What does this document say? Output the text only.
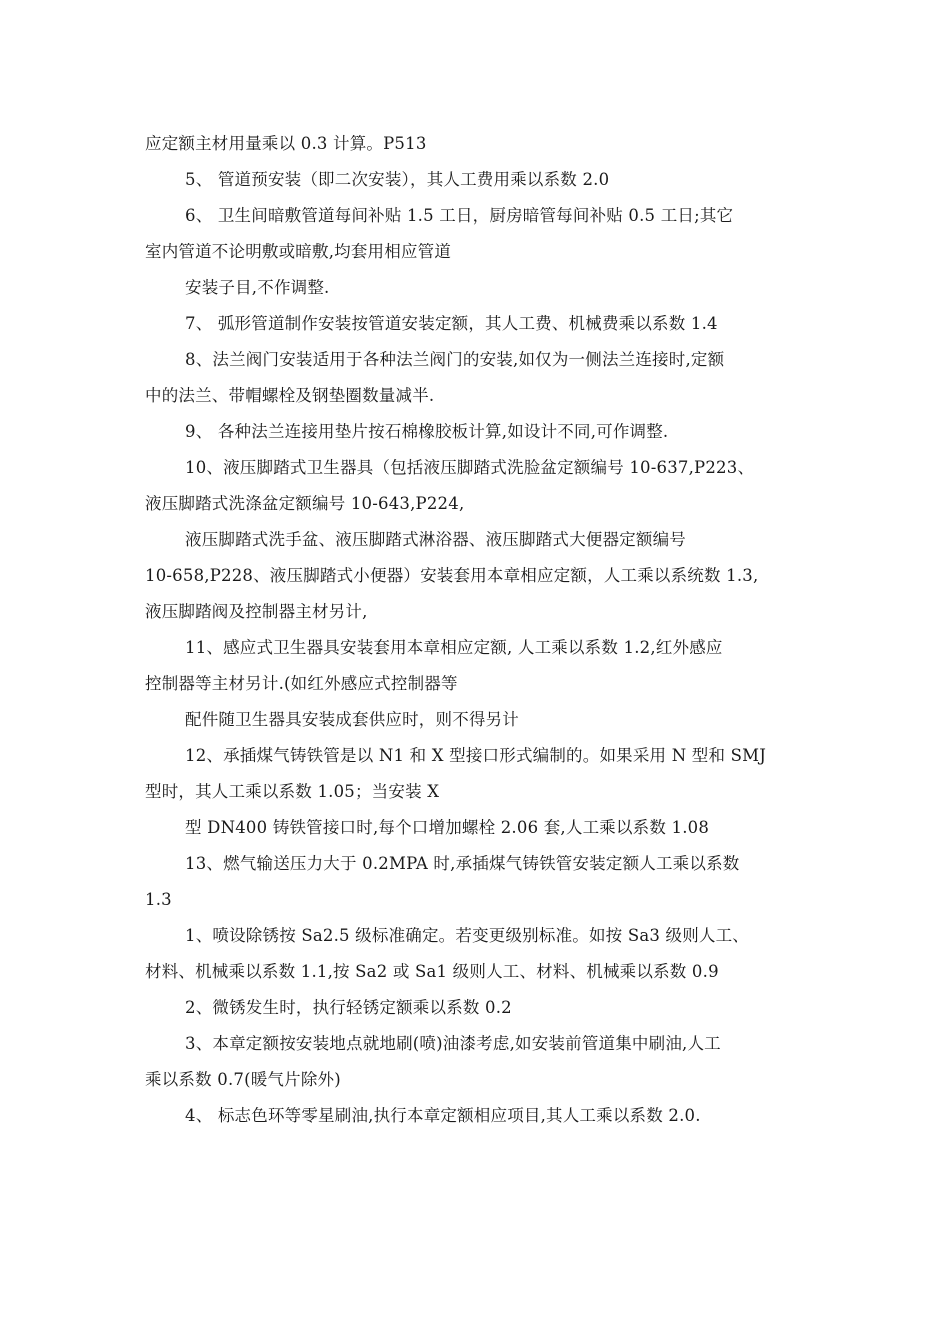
应定额主材用量乘以 0.3 计算。P513
5、 管道预安装（即二次安装），其人工费用乘以系数 2.0
6、 卫生间暗敷管道每间补贴 1.5 工日，厨房暗管每间补贴 0.5 工日;其它
室内管道不论明敷或暗敷,均套用相应管道
安装子目,不作调整.
7、 弧形管道制作安装按管道安装定额，其人工费、机械费乘以系数 1.4
8、法兰阀门安装适用于各种法兰阀门的安装,如仅为一侧法兰连接时,定额
中的法兰、带帽螺栓及钢垫圈数量减半.
9、 各种法兰连接用垫片按石棉橡胶板计算,如设计不同,可作调整.
10、液压脚踏式卫生器具（包括液压脚踏式洗脸盆定额编号 10-637,P223、
液压脚踏式洗涤盆定额编号 10-643,P224,
液压脚踏式洗手盆、液压脚踏式淋浴器、液压脚踏式大便器定额编号
10-658,P228、液压脚踏式小便器）安装套用本章相应定额，人工乘以系统数 1.3,
液压脚踏阀及控制器主材另计,
11、感应式卫生器具安装套用本章相应定额, 人工乘以系数 1.2,红外感应
控制器等主材另计.(如红外感应式控制器等
配件随卫生器具安装成套供应时，则不得另计
12、承插煤气铸铁管是以 N1 和 X 型接口形式编制的。如果采用 N 型和 SMJ
型时，其人工乘以系数 1.05；当安装 X
型 DN400 铸铁管接口时,每个口增加螺栓 2.06 套,人工乘以系数 1.08
13、燃气输送压力大于 0.2MPA 时,承插煤气铸铁管安装定额人工乘以系数
1.3
1、喷设除锈按 Sa2.5 级标准确定。若变更级别标准。如按 Sa3 级则人工、
材料、机械乘以系数 1.1,按 Sa2 或 Sa1 级则人工、材料、机械乘以系数 0.9
2、微锈发生时，执行轻锈定额乘以系数 0.2
3、本章定额按安装地点就地刷(喷)油漆考虑,如安装前管道集中刷油,人工
乘以系数 0.7(暖气片除外)
4、 标志色环等零星刷油,执行本章定额相应项目,其人工乘以系数 2.0.
